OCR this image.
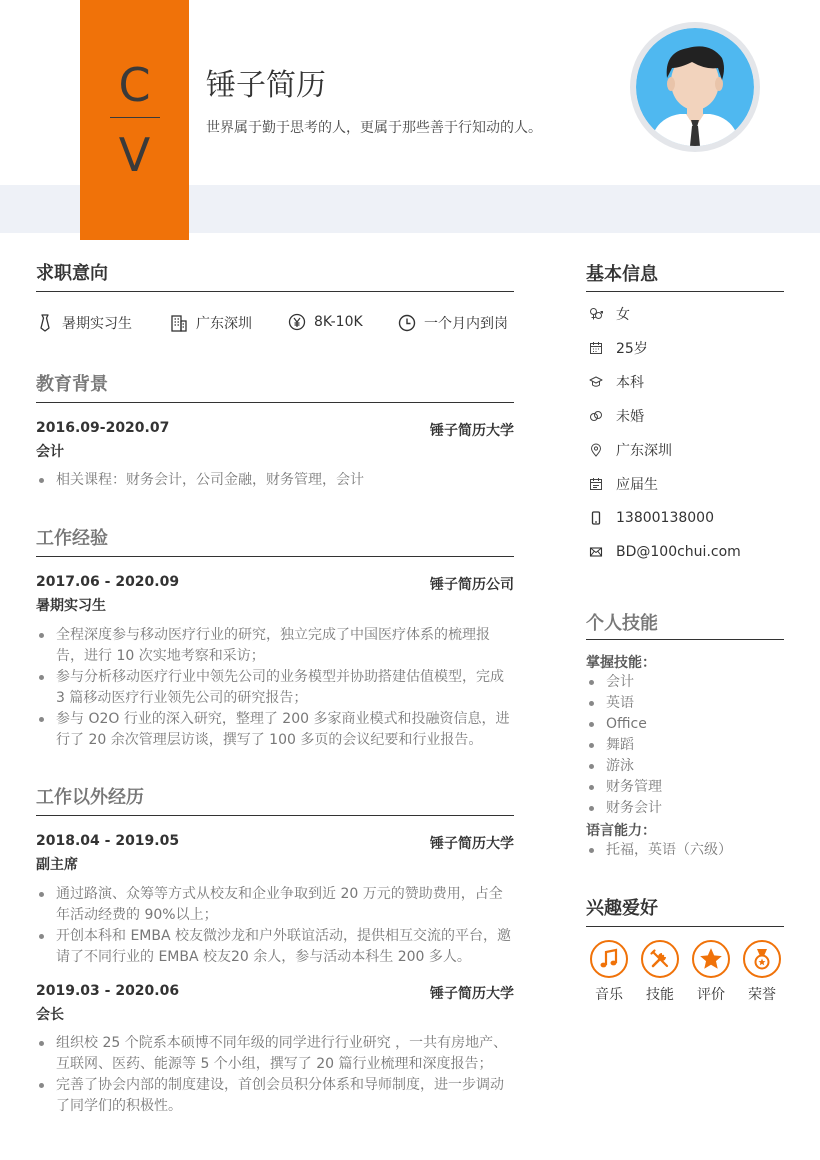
C
V
锤子简历
世界属于勤于思考的人，更属于那些善于行知动的人。
求职意向
暑期实习生	广东深圳	8K-10K	一个月内到岗
教育背景
2016.09-2020.07	锤子简历大学
会计
相关课程：财务会计，公司金融，财务管理，会计
工作经验
2017.06 - 2020.09	锤子简历公司
暑期实习生
全程深度参与移动医疗行业的研究，独立完成了中国医疗体系的梳理报告，进行 10 次实地考察和采访；
参与分析移动医疗行业中领先公司的业务模型并协助搭建估值模型，完成 3 篇移动医疗行业领先公司的研究报告；
参与 O2O 行业的深入研究，整理了 200 多家商业模式和投融资信息，进行了 20 余次管理层访谈，撰写了 100 多页的会议纪要和行业报告。
工作以外经历
2018.04 - 2019.05	锤子简历大学
副主席
通过路演、众筹等方式从校友和企业争取到近 20 万元的赞助费用，占全年活动经费的 90%以上；
开创本科和 EMBA 校友微沙龙和户外联谊活动，提供相互交流的平台，邀请了不同行业的 EMBA 校友20 余人，参与活动本科生 200 多人。
2019.03 - 2020.06	锤子简历大学
会长
组织校 25 个院系本硕博不同年级的同学进行行业研究 ，一共有房地产、互联网、医药、能源等 5 个小组，撰写了 20 篇行业梳理和深度报告；
完善了协会内部的制度建设，首创会员积分体系和导师制度，进一步调动了同学们的积极性。
基本信息
女
25岁
本科
未婚
广东深圳
应届生
13800138000
BD@100chui.com
个人技能
掌握技能：
会计
英语
Office
舞蹈
游泳
财务管理
财务会计
语言能力：
托福，英语（六级）
兴趣爱好
音乐	技能	评价	荣誉
